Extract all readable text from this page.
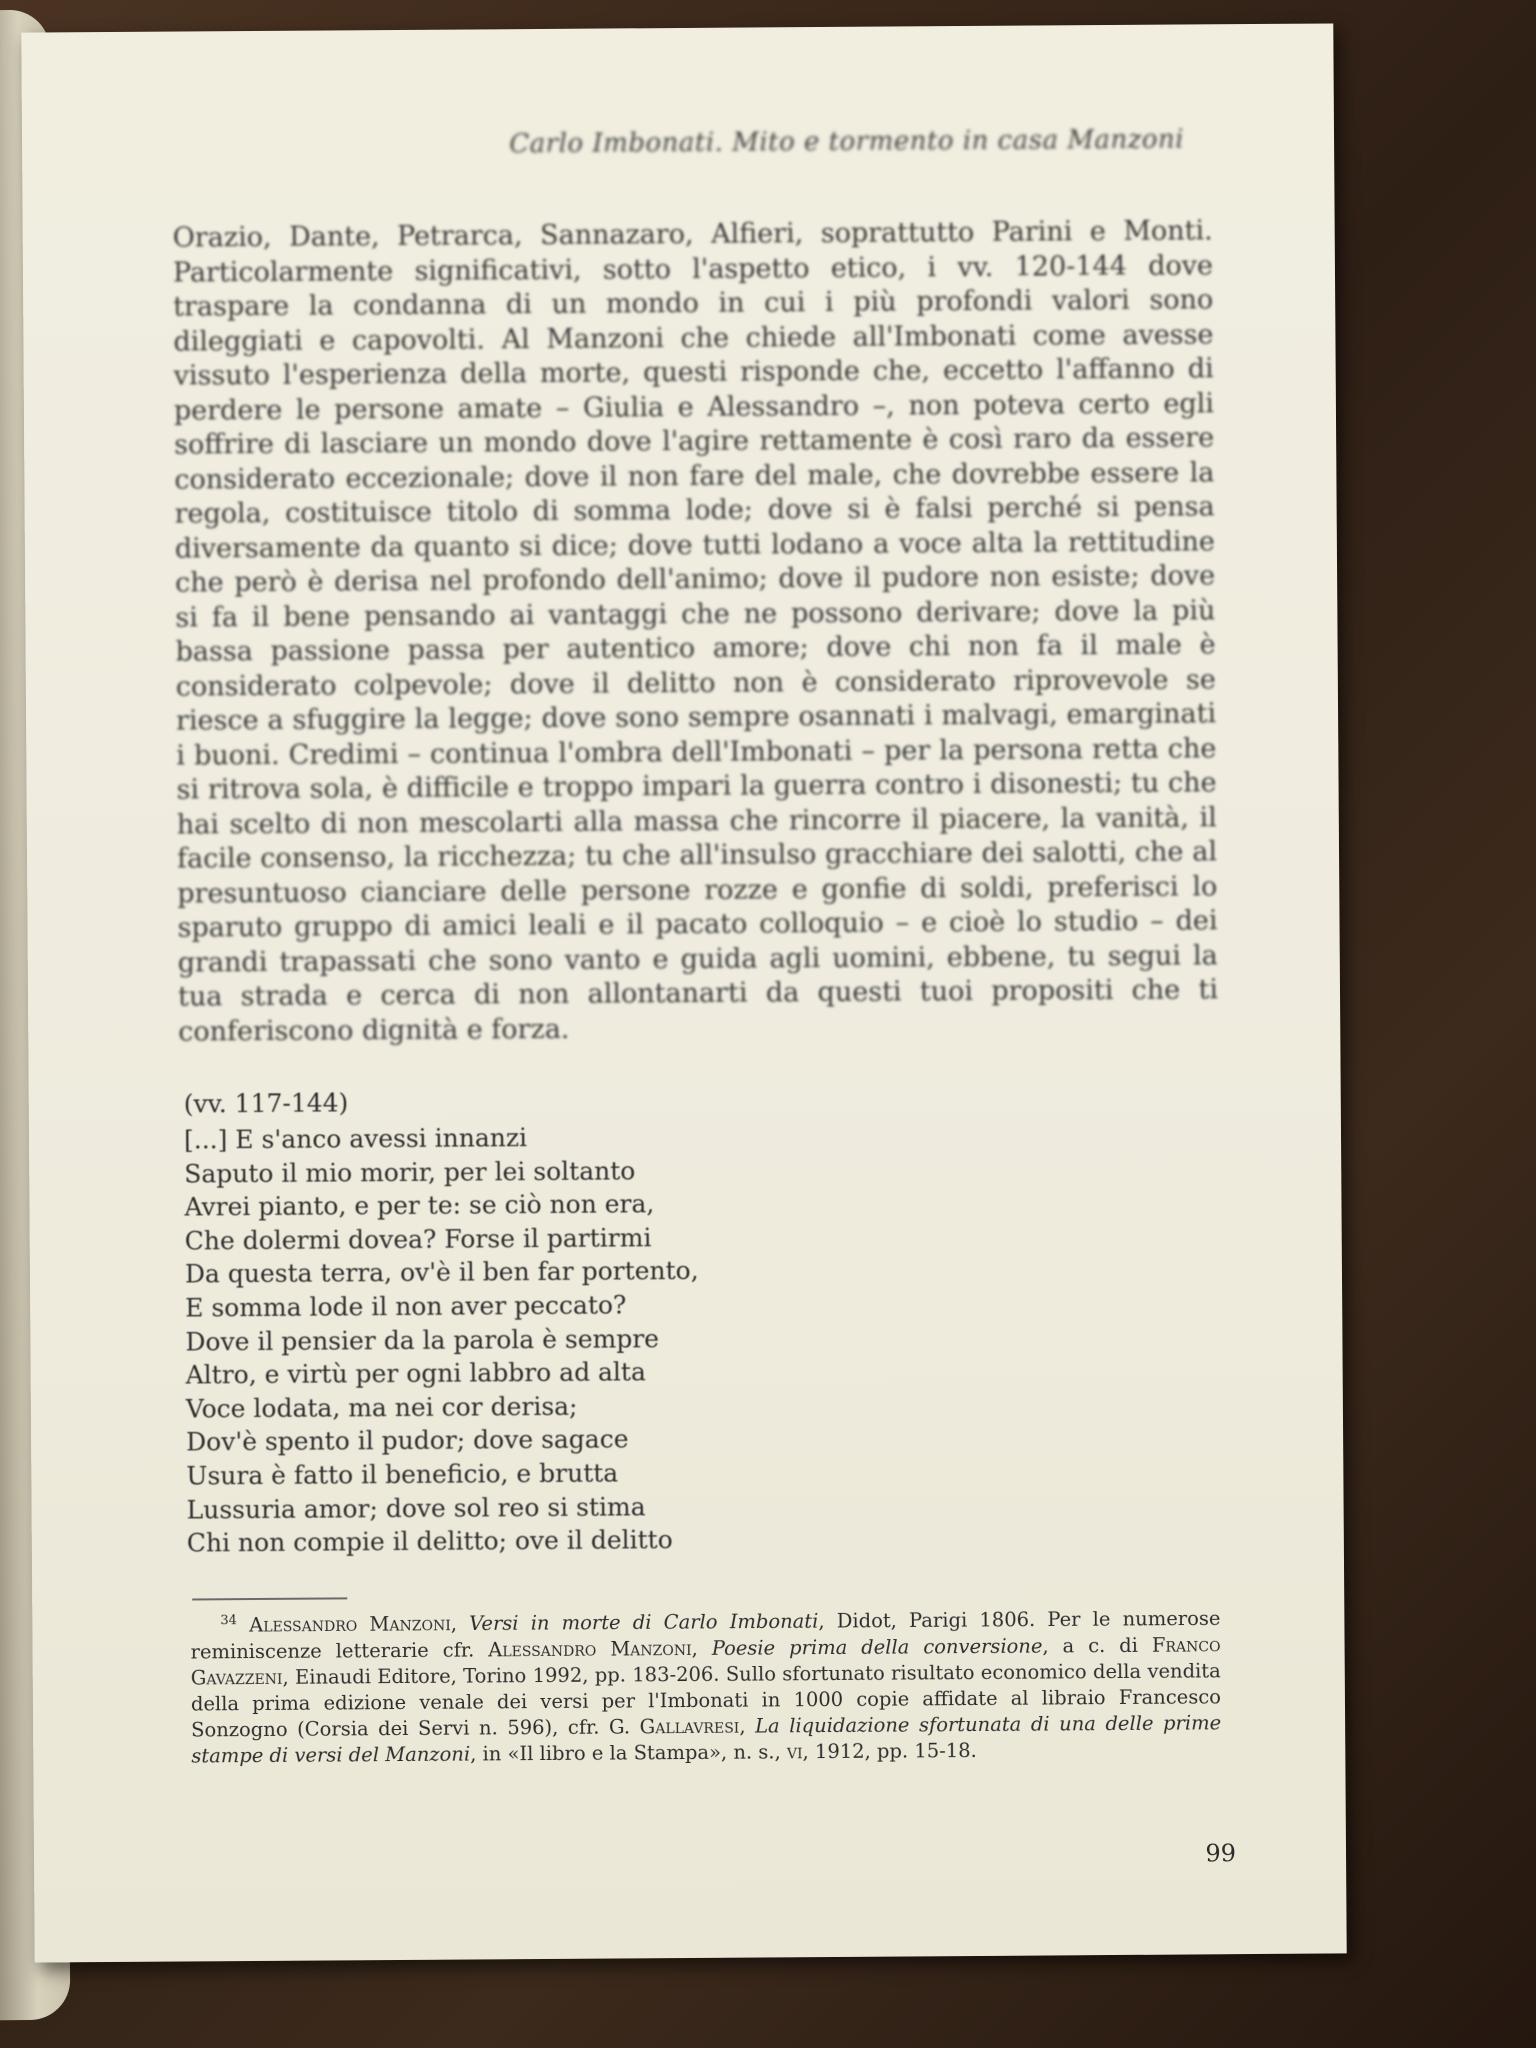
Carlo Imbonati. Mito e tormento in casa Manzoni

Orazio, Dante, Petrarca, Sannazaro, Alfieri, soprattutto Parini e Monti. Particolarmente significativi, sotto l'aspetto etico, i vv. 120-144 dove traspare la condanna di un mondo in cui i più profondi valori sono dileggiati e capovolti. Al Manzoni che chiede all'Imbonati come avesse vissuto l'esperienza della morte, questi risponde che, eccetto l'affanno di perdere le persone amate – Giulia e Alessandro –, non poteva certo egli soffrire di lasciare un mondo dove l'agire rettamente è così raro da essere considerato eccezionale; dove il non fare del male, che dovrebbe essere la regola, costituisce titolo di somma lode; dove si è falsi perché si pensa diversamente da quanto si dice; dove tutti lodano a voce alta la rettitudine che però è derisa nel profondo dell'animo; dove il pudore non esiste; dove si fa il bene pensando ai vantaggi che ne possono derivare; dove la più bassa passione passa per autentico amore; dove chi non fa il male è considerato colpevole; dove il delitto non è considerato riprovevole se riesce a sfuggire la legge; dove sono sempre osannati i malvagi, emarginati i buoni. Credimi – continua l'ombra dell'Imbonati – per la persona retta che si ritrova sola, è difficile e troppo impari la guerra contro i disonesti; tu che hai scelto di non mescolarti alla massa che rincorre il piacere, la vanità, il facile consenso, la ricchezza; tu che all'insulso gracchiare dei salotti, che al presuntuoso cianciare delle persone rozze e gonfie di soldi, preferisci lo sparuto gruppo di amici leali e il pacato colloquio – e cioè lo studio – dei grandi trapassati che sono vanto e guida agli uomini, ebbene, tu segui la tua strada e cerca di non allontanarti da questi tuoi propositi che ti conferiscono dignità e forza.

(vv. 117-144)

[...] E s'anco avessi innanzi
Saputo il mio morir, per lei soltanto
Avrei pianto, e per te: se ciò non era,
Che dolermi dovea? Forse il partirmi
Da questa terra, ov'è il ben far portento,
E somma lode il non aver peccato?
Dove il pensier da la parola è sempre
Altro, e virtù per ogni labbro ad alta
Voce lodata, ma nei cor derisa;
Dov'è spento il pudor; dove sagace
Usura è fatto il beneficio, e brutta
Lussuria amor; dove sol reo si stima
Chi non compie il delitto; ove il delitto

$^{34}$ Alessandro Manzoni, Versi in morte di Carlo Imbonati, Didot, Parigi 1806. Per le numerose reminiscenze letterarie cfr. Alessandro Manzoni, Poesie prima della conversione, a c. di Franco Gavazzeni, Einaudi Editore, Torino 1992, pp. 183-206. Sullo sfortunato risultato economico della vendita della prima edizione venale dei versi per l'Imbonati in 1000 copie affidate al libraio Francesco Sonzogno (Corsia dei Servi n. 596), cfr. G. Gallavresi, La liquidazione sfortunata di una delle prime stampe di versi del Manzoni, in «Il libro e la Stampa», n. s., vi, 1912, pp. 15-18.

99
